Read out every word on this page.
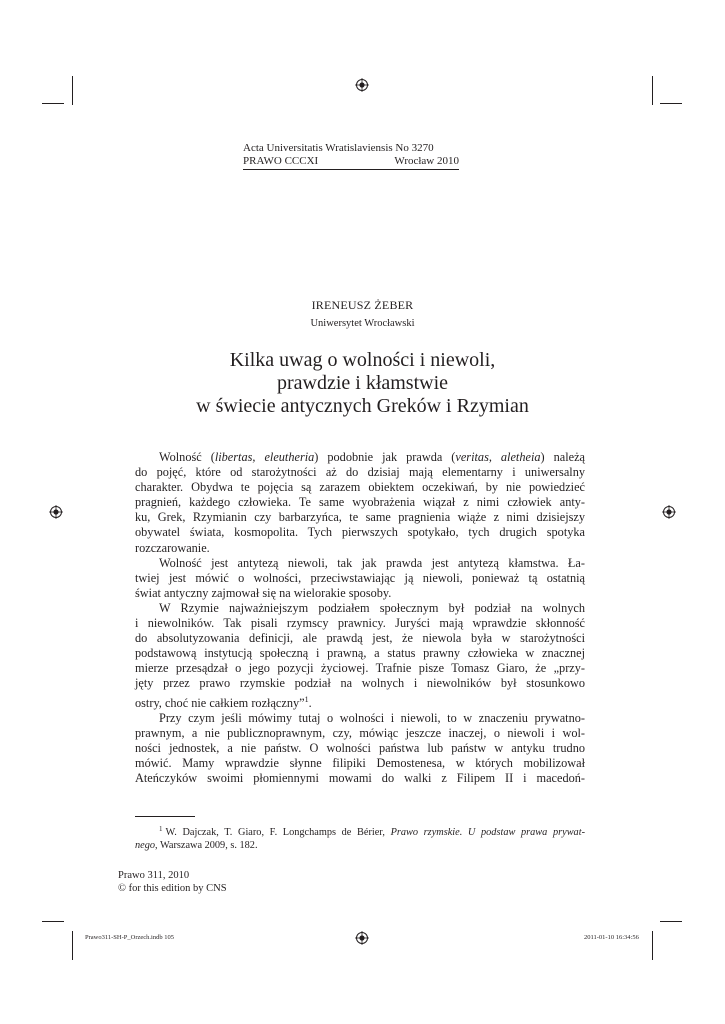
Acta Universitatis Wratislaviensis No 3270
PRAWO CCCXI	Wrocław 2010
IRENEUSZ ŻEBER
Uniwersytet Wrocławski
Kilka uwag o wolności i niewoli,
prawdzie i kłamstwie
w świecie antycznych Greków i Rzymian

Wolność (libertas, eleutheria) podobnie jak prawda (veritas, aletheia) należą
do pojęć, które od starożytności aż do dzisiaj mają elementarny i uniwersalny
charakter. Obydwa te pojęcia są zarazem obiektem oczekiwań, by nie powiedzieć
pragnień, każdego człowieka. Te same wyobrażenia wiązał z nimi człowiek anty-
ku, Grek, Rzymianin czy barbarzyńca, te same pragnienia wiąże z nimi dzisiejszy
obywatel świata, kosmopolita. Tych pierwszych spotykało, tych drugich spotyka
rozczarowanie.

Wolność jest antytezą niewoli, tak jak prawda jest antytezą kłamstwa. Ła-
twiej jest mówić o wolności, przeciwstawiając ją niewoli, ponieważ tą ostatnią
świat antyczny zajmował się na wielorakie sposoby.

W Rzymie najważniejszym podziałem społecznym był podział na wolnych
i niewolników. Tak pisali rzymscy prawnicy. Juryści mają wprawdzie skłonność
do absolutyzowania definicji, ale prawdą jest, że niewola była w starożytności
podstawową instytucją społeczną i prawną, a status prawny człowieka w znacznej
mierze przesądzał o jego pozycji życiowej. Trafnie pisze Tomasz Giaro, że „przy-
jęty przez prawo rzymskie podział na wolnych i niewolników był stosunkowo
ostry, choć nie całkiem rozłączny”$^1$.

Przy czym jeśli mówimy tutaj o wolności i niewoli, to w znaczeniu prywatno-
prawnym, a nie publicznoprawnym, czy, mówiąc jeszcze inaczej, o niewoli i wol-
ności jednostek, a nie państw. O wolności państwa lub państw w antyku trudno
mówić. Mamy wprawdzie słynne filipiki Demostenesa, w których mobilizował
Ateńczyków swoimi płomiennymi mowami do walki z Filipem II i macedoń-

$^1$ W. Dajczak, T. Giaro, F. Longchamps de Bérier, Prawo rzymskie. U podstaw prawa prywat-
nego, Warszawa 2009, s. 182.
Prawo 311, 2010
© for this edition by CNS
Prawo311-SH-P_Orzech.indb 105	2011-01-10 16:34:56
